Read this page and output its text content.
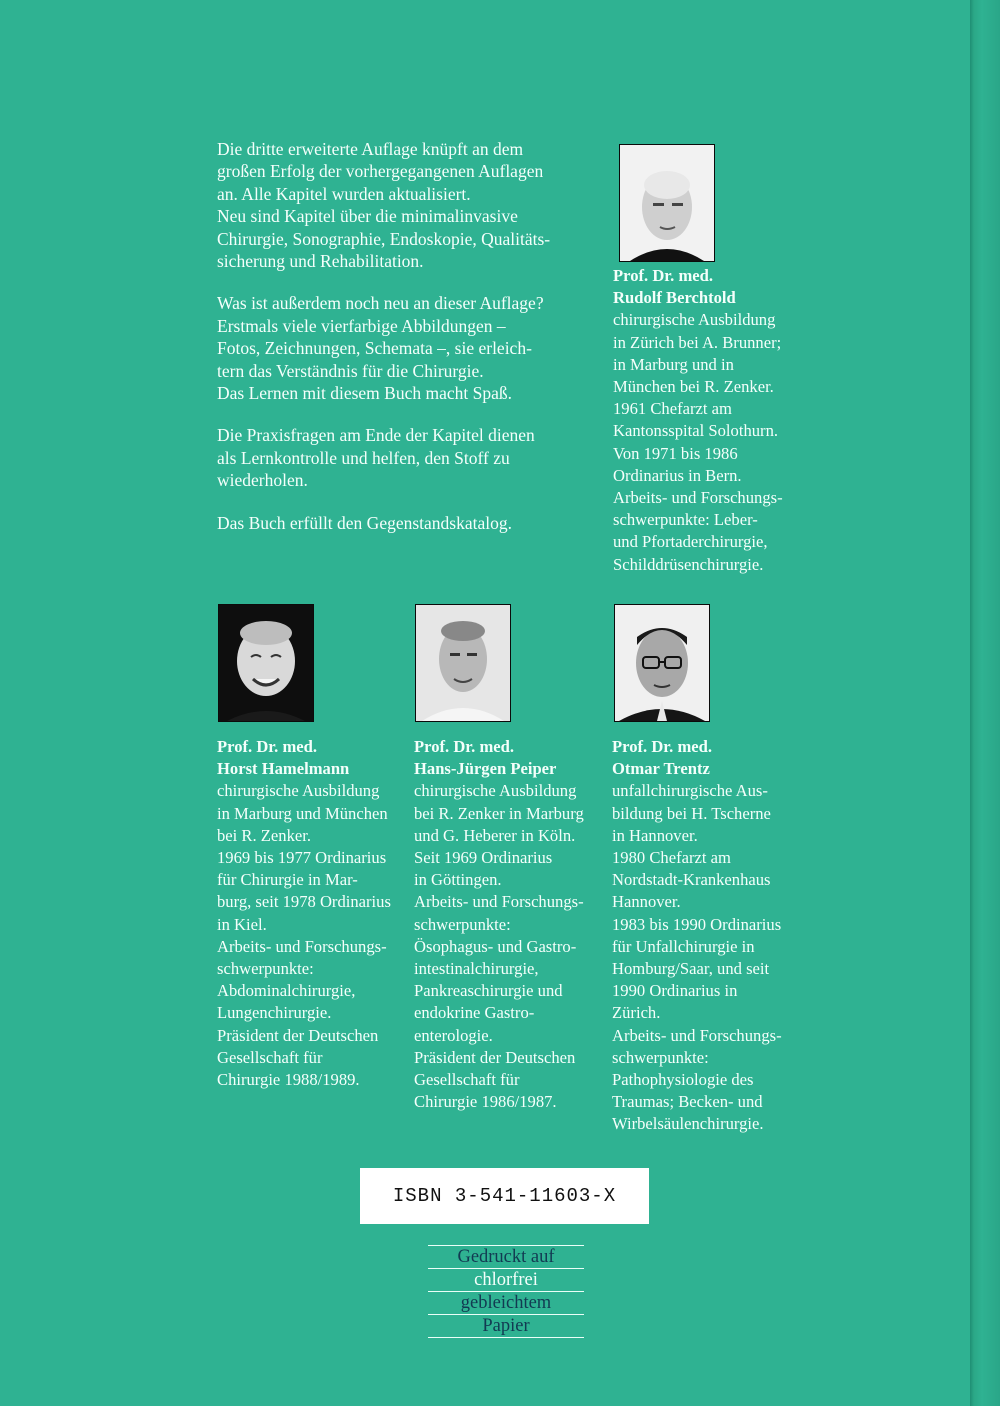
Die dritte erweiterte Auflage knüpft an dem
großen Erfolg der vorhergegangenen Auflagen
an. Alle Kapitel wurden aktualisiert.
Neu sind Kapitel über die minimalinvasive
Chirurgie, Sonographie, Endoskopie, Qualitäts-
sicherung und Rehabilitation.

Was ist außerdem noch neu an dieser Auflage?
Erstmals viele vierfarbige Abbildungen –
Fotos, Zeichnungen, Schemata –, sie erleich-
tern das Verständnis für die Chirurgie.
Das Lernen mit diesem Buch macht Spaß.

Die Praxisfragen am Ende der Kapitel dienen
als Lernkontrolle und helfen, den Stoff zu
wiederholen.

Das Buch erfüllt den Gegenstandskatalog.

Prof. Dr. med.
Rudolf Berchtold
chirurgische Ausbildung
in Zürich bei A. Brunner;
in Marburg und in
München bei R. Zenker.
1961 Chefarzt am
Kantonsspital Solothurn.
Von 1971 bis 1986
Ordinarius in Bern.
Arbeits- und Forschungs-
schwerpunkte: Leber-
und Pfortaderchirurgie,
Schilddrüsenchirurgie.
Prof. Dr. med.
Horst Hamelmann
chirurgische Ausbildung
in Marburg und München
bei R. Zenker.
1969 bis 1977 Ordinarius
für Chirurgie in Mar-
burg, seit 1978 Ordinarius
in Kiel.
Arbeits- und Forschungs-
schwerpunkte:
Abdominalchirurgie,
Lungenchirurgie.
Präsident der Deutschen
Gesellschaft für
Chirurgie 1988/1989.
Prof. Dr. med.
Hans-Jürgen Peiper
chirurgische Ausbildung
bei R. Zenker in Marburg
und G. Heberer in Köln.
Seit 1969 Ordinarius
in Göttingen.
Arbeits- und Forschungs-
schwerpunkte:
Ösophagus- und Gastro-
intestinalchirurgie,
Pankreaschirurgie und
endokrine Gastro-
enterologie.
Präsident der Deutschen
Gesellschaft für
Chirurgie 1986/1987.
Prof. Dr. med.
Otmar Trentz
unfallchirurgische Aus-
bildung bei H. Tscherne
in Hannover.
1980 Chefarzt am
Nordstadt-Krankenhaus
Hannover.
1983 bis 1990 Ordinarius
für Unfallchirurgie in
Homburg/Saar, und seit
1990 Ordinarius in
Zürich.
Arbeits- und Forschungs-
schwerpunkte:
Pathophysiologie des
Traumas; Becken- und
Wirbelsäulenchirurgie.
ISBN 3-541-11603-X
Gedruckt auf
chlorfrei
gebleichtem
Papier
